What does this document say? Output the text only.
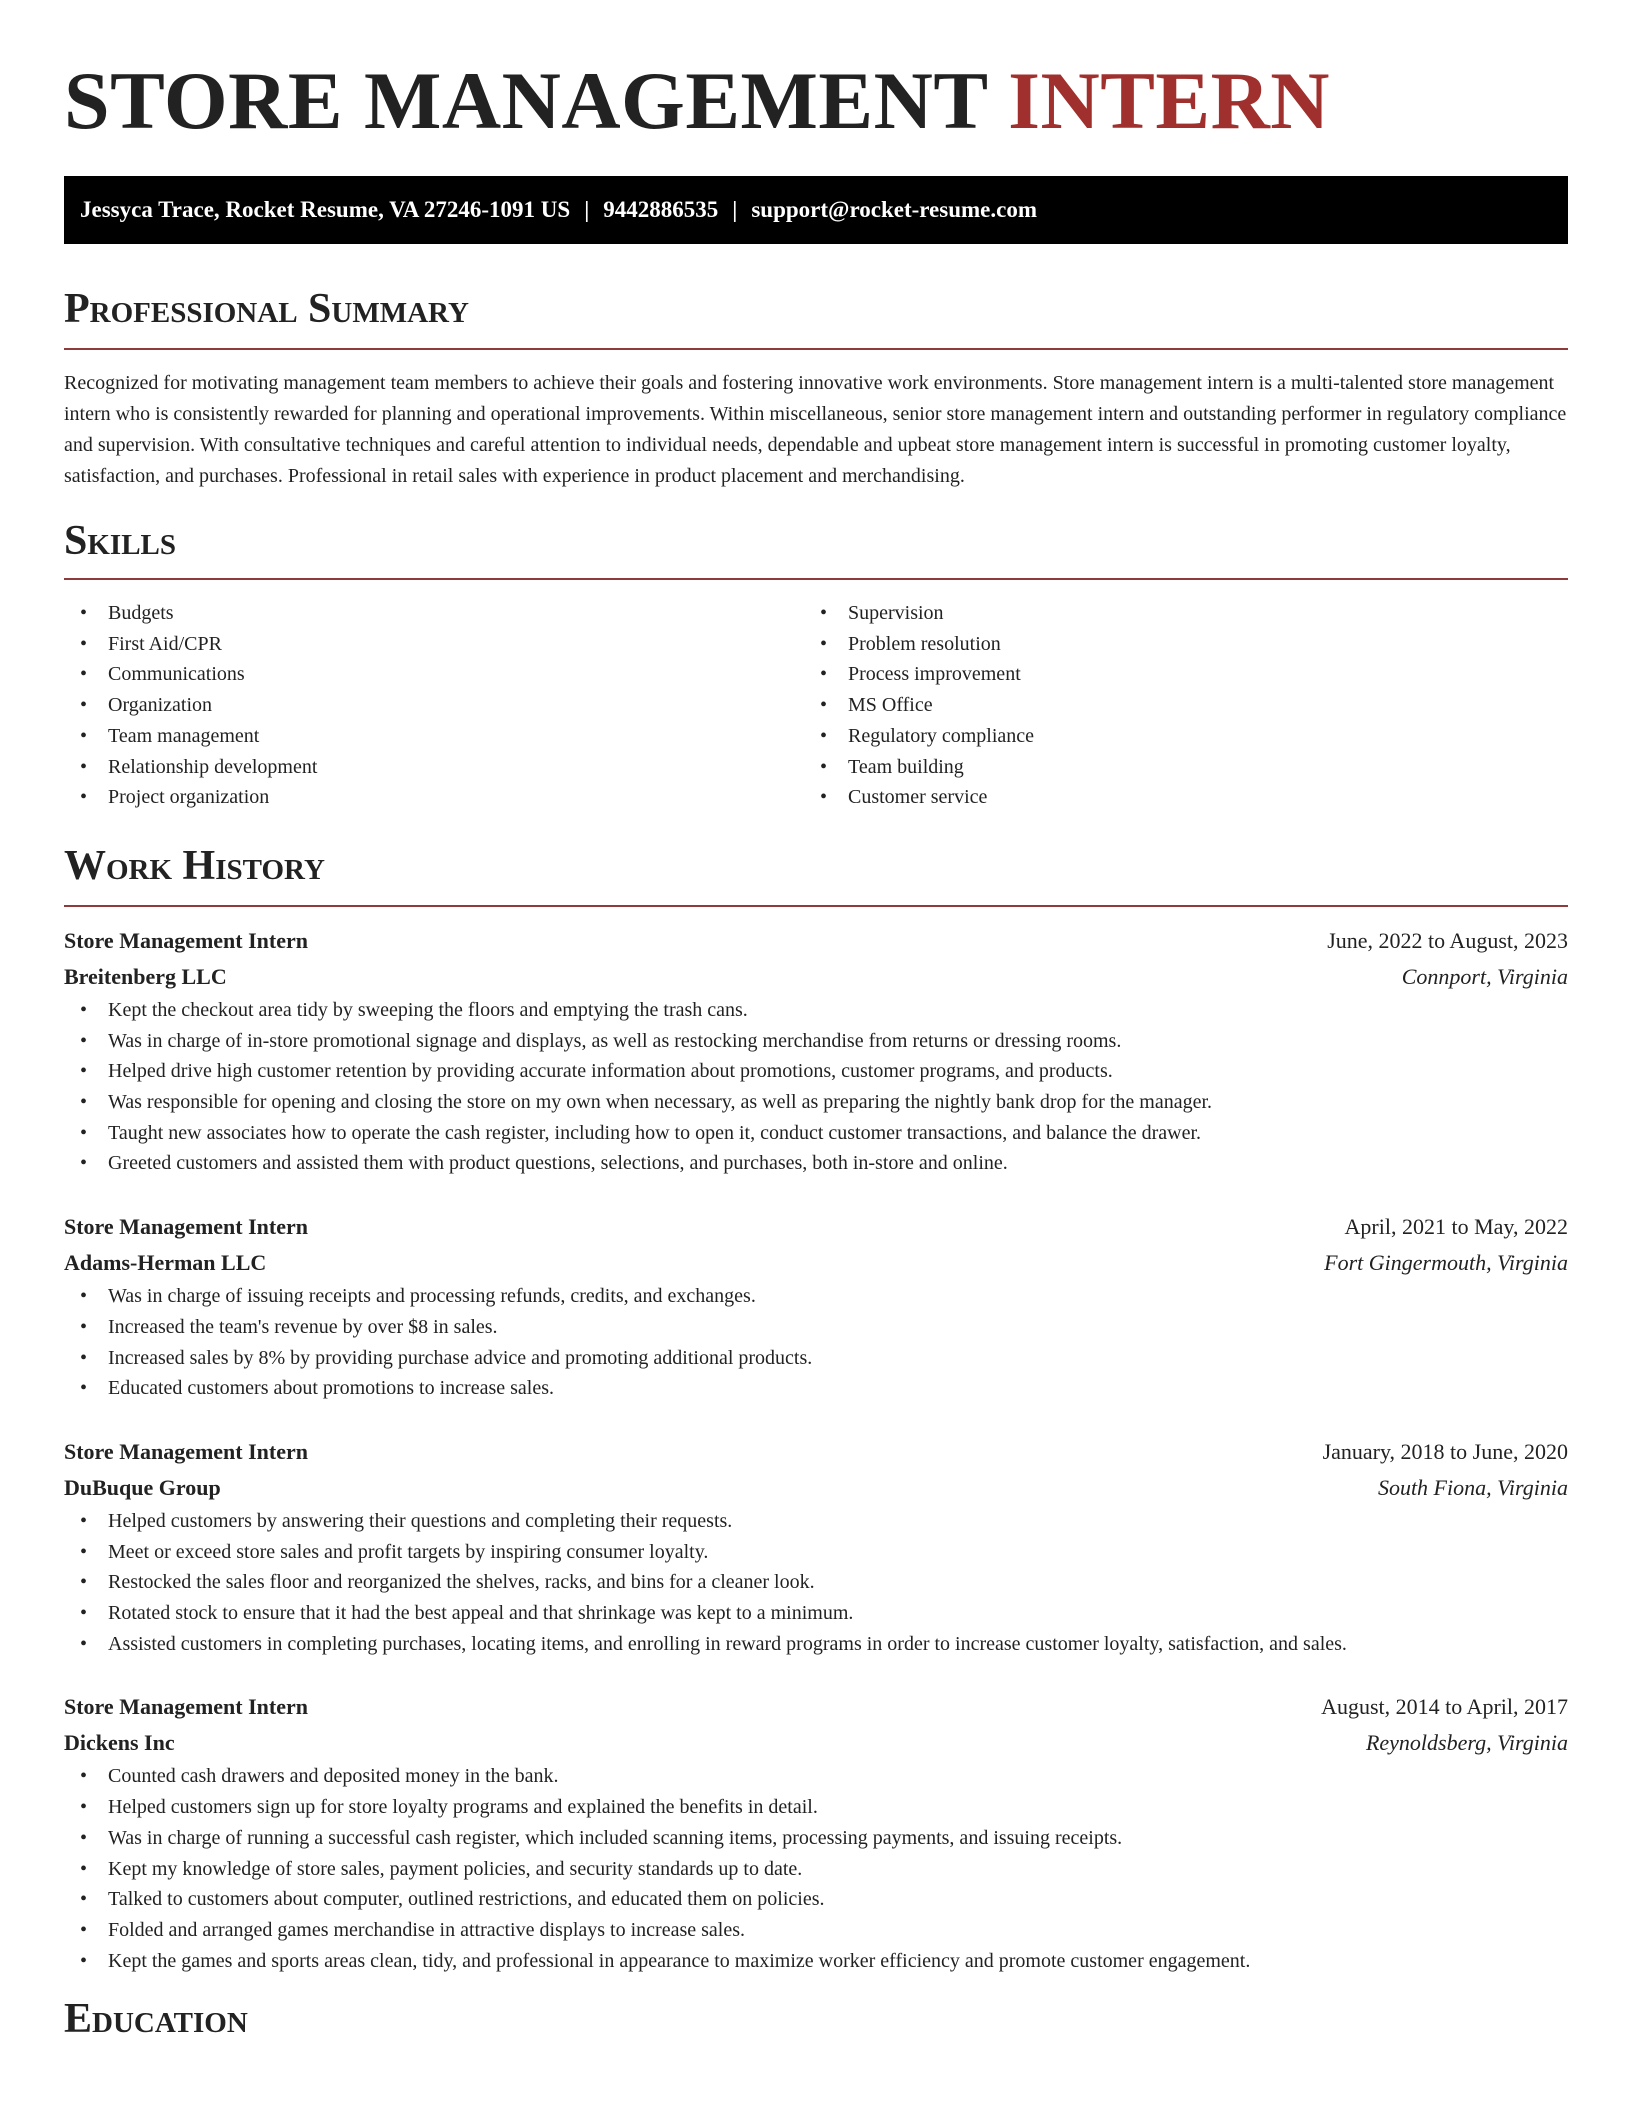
STORE MANAGEMENT INTERN
Jessyca Trace, Rocket Resume, VA 27246-1091 US | 9442886535 | support@rocket-resume.com
Professional Summary

Recognized for motivating management team members to achieve their goals and fostering innovative work environments. Store management intern is a multi-talented store management intern who is consistently rewarded for planning and operational improvements. Within miscellaneous, senior store management intern and outstanding performer in regulatory compliance and supervision. With consultative techniques and careful attention to individual needs, dependable and upbeat store management intern is successful in promoting customer loyalty, satisfaction, and purchases. Professional in retail sales with experience in product placement and merchandising.

Skills
• Budgets
• First Aid/CPR
• Communications
• Organization
• Team management
• Relationship development
• Project organization
• Supervision
• Problem resolution
• Process improvement
• MS Office
• Regulatory compliance
• Team building
• Customer service
Work History
Store Management Intern	June, 2022 to August, 2023
Breitenberg LLC	Connport, Virginia
• Kept the checkout area tidy by sweeping the floors and emptying the trash cans.
• Was in charge of in-store promotional signage and displays, as well as restocking merchandise from returns or dressing rooms.
• Helped drive high customer retention by providing accurate information about promotions, customer programs, and products.
• Was responsible for opening and closing the store on my own when necessary, as well as preparing the nightly bank drop for the manager.
• Taught new associates how to operate the cash register, including how to open it, conduct customer transactions, and balance the drawer.
• Greeted customers and assisted them with product questions, selections, and purchases, both in-store and online.
Store Management Intern	April, 2021 to May, 2022
Adams-Herman LLC	Fort Gingermouth, Virginia
• Was in charge of issuing receipts and processing refunds, credits, and exchanges.
• Increased the team's revenue by over $8 in sales.
• Increased sales by 8% by providing purchase advice and promoting additional products.
• Educated customers about promotions to increase sales.
Store Management Intern	January, 2018 to June, 2020
DuBuque Group	South Fiona, Virginia
• Helped customers by answering their questions and completing their requests.
• Meet or exceed store sales and profit targets by inspiring consumer loyalty.
• Restocked the sales floor and reorganized the shelves, racks, and bins for a cleaner look.
• Rotated stock to ensure that it had the best appeal and that shrinkage was kept to a minimum.
• Assisted customers in completing purchases, locating items, and enrolling in reward programs in order to increase customer loyalty, satisfaction, and sales.
Store Management Intern	August, 2014 to April, 2017
Dickens Inc	Reynoldsberg, Virginia
• Counted cash drawers and deposited money in the bank.
• Helped customers sign up for store loyalty programs and explained the benefits in detail.
• Was in charge of running a successful cash register, which included scanning items, processing payments, and issuing receipts.
• Kept my knowledge of store sales, payment policies, and security standards up to date.
• Talked to customers about computer, outlined restrictions, and educated them on policies.
• Folded and arranged games merchandise in attractive displays to increase sales.
• Kept the games and sports areas clean, tidy, and professional in appearance to maximize worker efficiency and promote customer engagement.
Education
